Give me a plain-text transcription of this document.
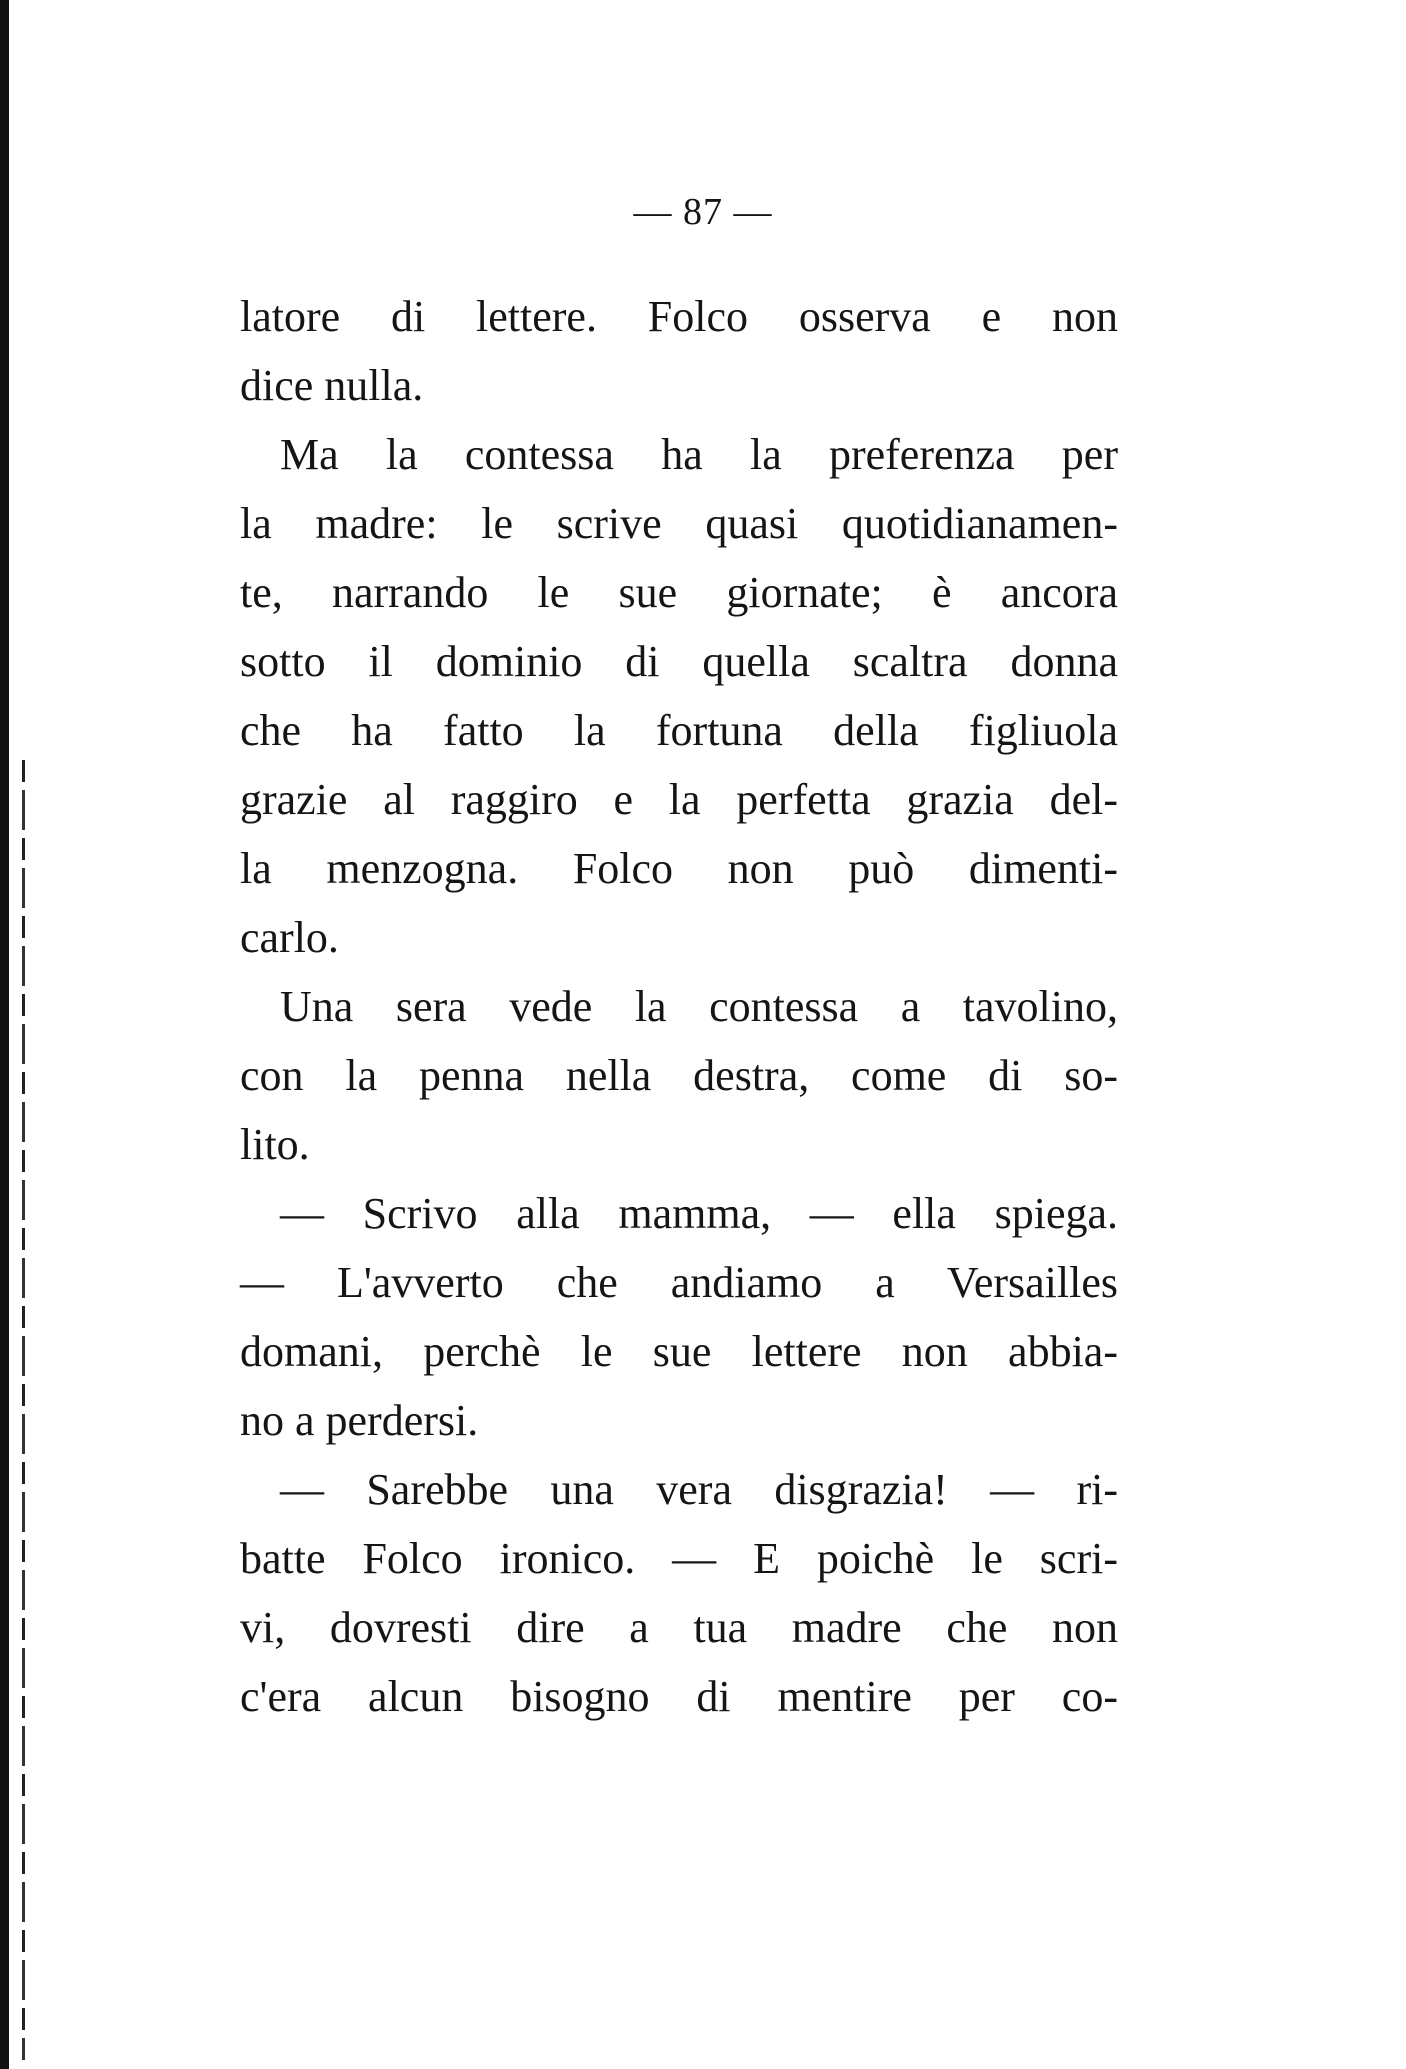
— 87 —
latore di lettere. Folco osserva e non
dice nulla.
Ma la contessa ha la preferenza per
la madre: le scrive quasi quotidianamen-
te, narrando le sue giornate; è ancora
sotto il dominio di quella scaltra donna
che ha fatto la fortuna della figliuola
grazie al raggiro e la perfetta grazia del-
la menzogna. Folco non può dimenti-
carlo.
Una sera vede la contessa a tavolino,
con la penna nella destra, come di so-
lito.
— Scrivo alla mamma, — ella spiega.
— L'avverto che andiamo a Versailles
domani, perchè le sue lettere non abbia-
no a perdersi.
— Sarebbe una vera disgrazia! — ri-
batte Folco ironico. — E poichè le scri-
vi, dovresti dire a tua madre che non
c'era alcun bisogno di mentire per co-
